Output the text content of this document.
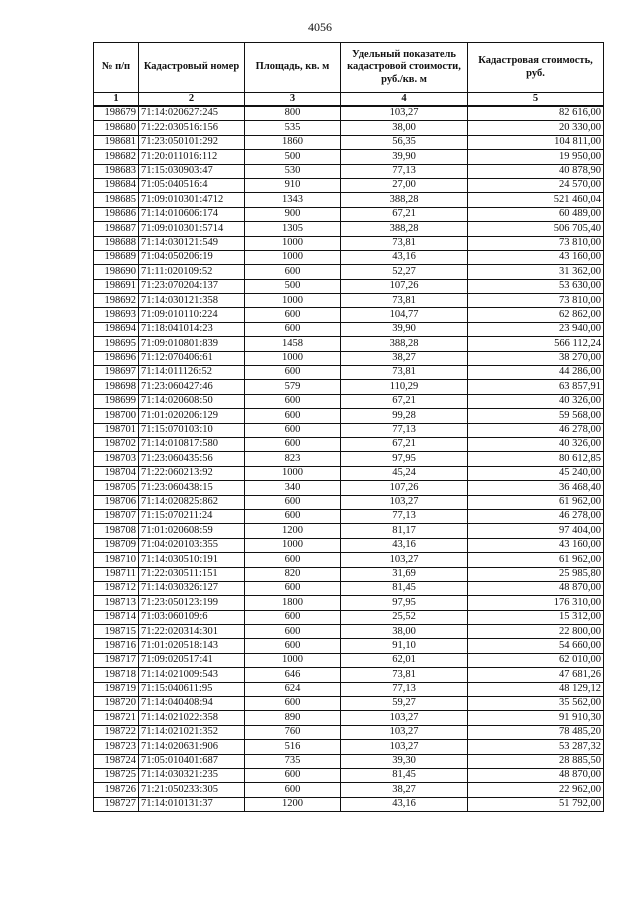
4056
№ п/п	Кадастровый номер	Площадь, кв. м	Удельный показатель кадастровой стоимости, руб./кв. м	Кадастровая стоимость, руб.
1	2	3	4	5
198679	71:14:020627:245	800	103,27	82 616,00
198680	71:22:030516:156	535	38,00	20 330,00
198681	71:23:050101:292	1860	56,35	104 811,00
198682	71:20:011016:112	500	39,90	19 950,00
198683	71:15:030903:47	530	77,13	40 878,90
198684	71:05:040516:4	910	27,00	24 570,00
198685	71:09:010301:4712	1343	388,28	521 460,04
198686	71:14:010606:174	900	67,21	60 489,00
198687	71:09:010301:5714	1305	388,28	506 705,40
198688	71:14:030121:549	1000	73,81	73 810,00
198689	71:04:050206:19	1000	43,16	43 160,00
198690	71:11:020109:52	600	52,27	31 362,00
198691	71:23:070204:137	500	107,26	53 630,00
198692	71:14:030121:358	1000	73,81	73 810,00
198693	71:09:010110:224	600	104,77	62 862,00
198694	71:18:041014:23	600	39,90	23 940,00
198695	71:09:010801:839	1458	388,28	566 112,24
198696	71:12:070406:61	1000	38,27	38 270,00
198697	71:14:011126:52	600	73,81	44 286,00
198698	71:23:060427:46	579	110,29	63 857,91
198699	71:14:020608:50	600	67,21	40 326,00
198700	71:01:020206:129	600	99,28	59 568,00
198701	71:15:070103:10	600	77,13	46 278,00
198702	71:14:010817:580	600	67,21	40 326,00
198703	71:23:060435:56	823	97,95	80 612,85
198704	71:22:060213:92	1000	45,24	45 240,00
198705	71:23:060438:15	340	107,26	36 468,40
198706	71:14:020825:862	600	103,27	61 962,00
198707	71:15:070211:24	600	77,13	46 278,00
198708	71:01:020608:59	1200	81,17	97 404,00
198709	71:04:020103:355	1000	43,16	43 160,00
198710	71:14:030510:191	600	103,27	61 962,00
198711	71:22:030511:151	820	31,69	25 985,80
198712	71:14:030326:127	600	81,45	48 870,00
198713	71:23:050123:199	1800	97,95	176 310,00
198714	71:03:060109:6	600	25,52	15 312,00
198715	71:22:020314:301	600	38,00	22 800,00
198716	71:01:020518:143	600	91,10	54 660,00
198717	71:09:020517:41	1000	62,01	62 010,00
198718	71:14:021009:543	646	73,81	47 681,26
198719	71:15:040611:95	624	77,13	48 129,12
198720	71:14:040408:94	600	59,27	35 562,00
198721	71:14:021022:358	890	103,27	91 910,30
198722	71:14:021021:352	760	103,27	78 485,20
198723	71:14:020631:906	516	103,27	53 287,32
198724	71:05:010401:687	735	39,30	28 885,50
198725	71:14:030321:235	600	81,45	48 870,00
198726	71:21:050233:305	600	38,27	22 962,00
198727	71:14:010131:37	1200	43,16	51 792,00
